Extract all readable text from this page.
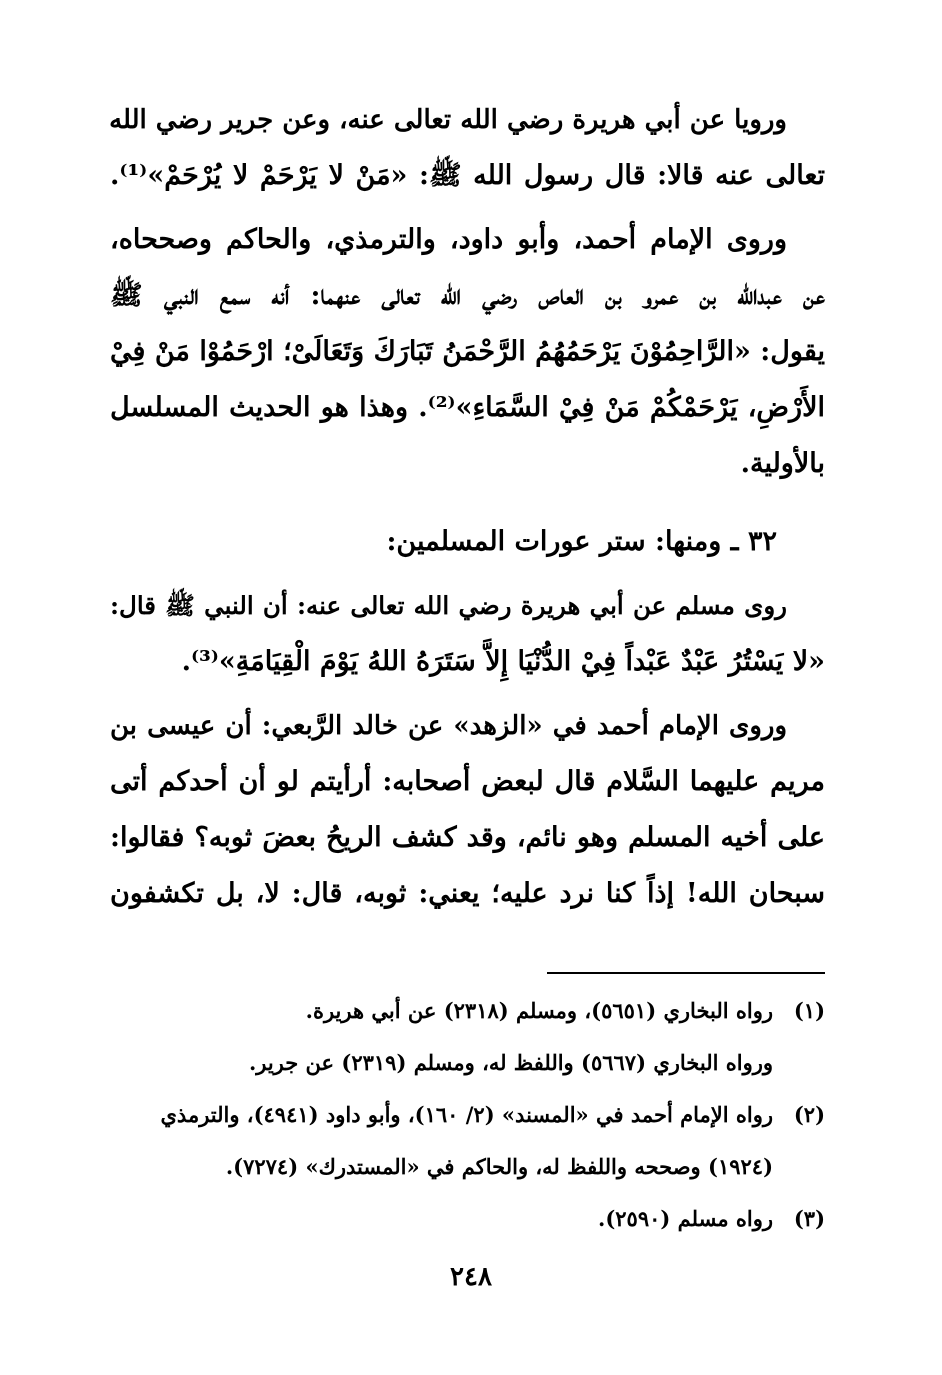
ورويا عن أبي هريرة رضي الله تعالى عنه، وعن جرير رضي الله
تعالى عنه قالا: قال رسول الله ﷺ: «مَنْ لا يَرْحَمْ لا يُرْحَمْ»⁽¹⁾.
وروى الإمام أحمد، وأبو داود، والترمذي، والحاكم وصححاه،
عن عبدالله بن عمرو بن العاص رضي الله تعالى عنهما: أنه سمع النبي ﷺ
يقول: «الرَّاحِمُوْنَ يَرْحَمُهُمُ الرَّحْمَنُ تَبَارَكَ وَتَعَالَىْ؛ ارْحَمُوْا مَنْ فِيْ
الأَرْضِ، يَرْحَمْكُمْ مَنْ فِيْ السَّمَاءِ»⁽²⁾. وهذا هو الحديث المسلسل
بالأولية.
٣٢ ـ ومنها: ستر عورات المسلمين:
روى مسلم عن أبي هريرة رضي الله تعالى عنه: أن النبي ﷺ قال:
«لا يَسْتُرُ عَبْدٌ عَبْداً فِيْ الدُّنْيَا إِلاَّ سَتَرَهُ اللهُ يَوْمَ الْقِيَامَةِ»⁽³⁾.
وروى الإمام أحمد في «الزهد» عن خالد الرَّبعي: أن عيسى بن
مريم عليهما السَّلام قال لبعض أصحابه: أرأيتم لو أن أحدكم أتى
على أخيه المسلم وهو نائم، وقد كشف الريحُ بعضَ ثوبه؟ فقالوا:
سبحان الله! إذاً كنا نرد عليه؛ يعني: ثوبه، قال: لا، بل تكشفون
(١)رواه البخاري (٥٦٥١)، ومسلم (٢٣١٨) عن أبي هريرة.
ورواه البخاري (٥٦٦٧) واللفظ له، ومسلم (٢٣١٩) عن جرير.
(٢)رواه الإمام أحمد في «المسند» (٢/ ١٦٠)، وأبو داود (٤٩٤١)، والترمذي
(١٩٢٤) وصححه واللفظ له، والحاكم في «المستدرك» (٧٢٧٤).
(٣)رواه مسلم (٢٥٩٠).
٢٤٨
